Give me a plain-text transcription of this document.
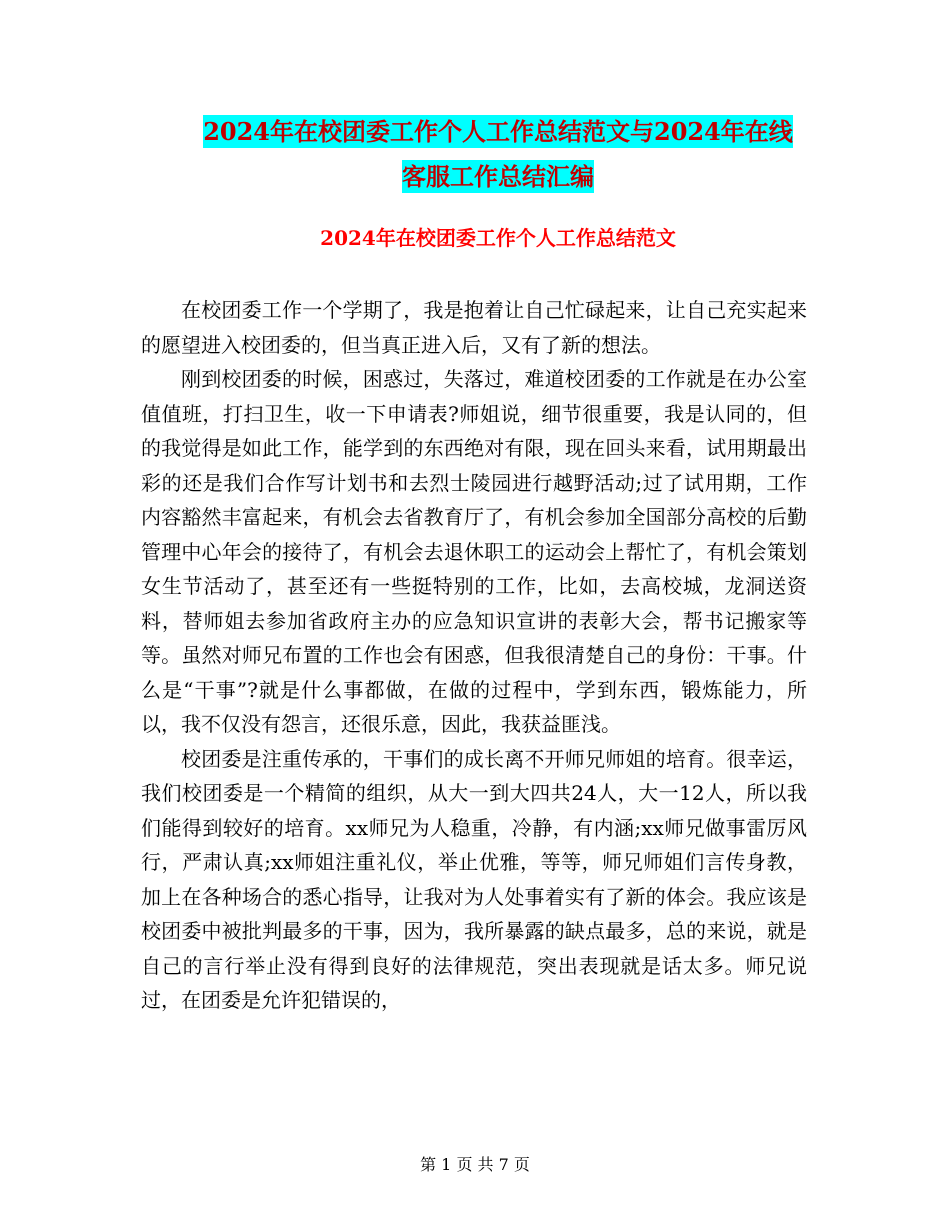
2024年在校团委工作个人工作总结范文与2024年在线
客服工作总结汇编
2024年在校团委工作个人工作总结范文

在校团委工作一个学期了，我是抱着让自己忙碌起来，让自己充实起来的愿望进入校团委的，但当真正进入后，又有了新的想法。

刚到校团委的时候，困惑过，失落过，难道校团委的工作就是在办公室值值班，打扫卫生，收一下申请表?师姐说，细节很重要，我是认同的，但的我觉得是如此工作，能学到的东西绝对有限，现在回头来看，试用期最出彩的还是我们合作写计划书和去烈士陵园进行越野活动;过了试用期，工作内容豁然丰富起来，有机会去省教育厅了，有机会参加全国部分高校的后勤管理中心年会的接待了，有机会去退休职工的运动会上帮忙了，有机会策划女生节活动了，甚至还有一些挺特别的工作，比如，去高校城，龙洞送资料，替师姐去参加省政府主办的应急知识宣讲的表彰大会，帮书记搬家等等。虽然对师兄布置的工作也会有困惑，但我很清楚自己的身份：干事。什么是“干事”?就是什么事都做，在做的过程中，学到东西，锻炼能力，所以，我不仅没有怨言，还很乐意，因此，我获益匪浅。

校团委是注重传承的，干事们的成长离不开师兄师姐的培育。很幸运，我们校团委是一个精简的组织，从大一到大四共24人，大一12人，所以我们能得到较好的培育。xx师兄为人稳重，冷静，有内涵;xx师兄做事雷厉风行，严肃认真;xx师姐注重礼仪，举止优雅，等等，师兄师姐们言传身教，加上在各种场合的悉心指导，让我对为人处事着实有了新的体会。我应该是校团委中被批判最多的干事，因为，我所暴露的缺点最多，总的来说，就是自己的言行举止没有得到良好的法律规范，突出表现就是话太多。师兄说过，在团委是允许犯错误的，

第 1 页 共 7 页
